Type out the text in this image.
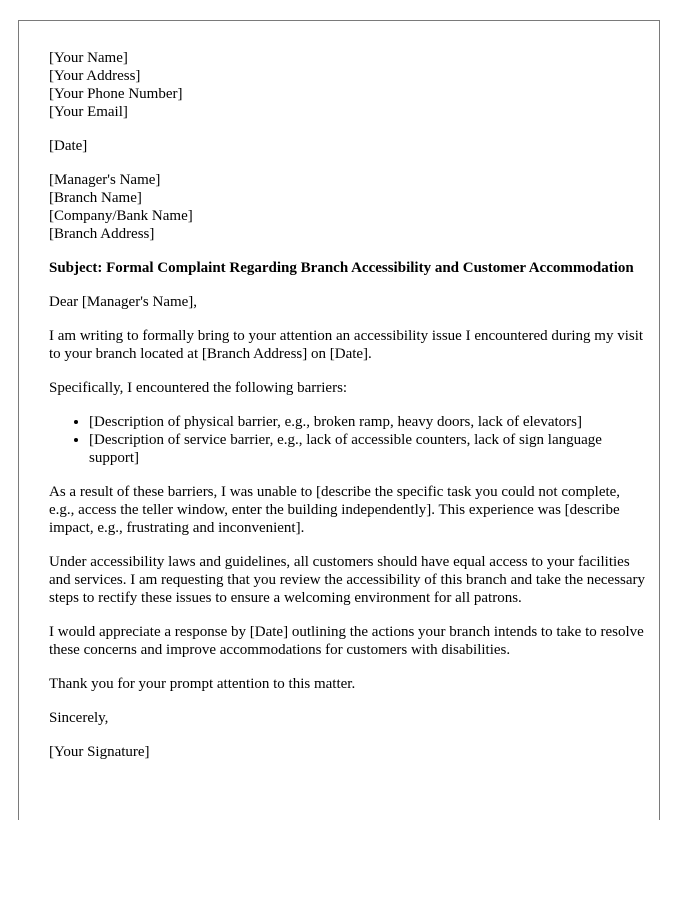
[Your Name]
[Your Address]
[Your Phone Number]
[Your Email]
[Date]
[Manager's Name]
[Branch Name]
[Company/Bank Name]
[Branch Address]
Subject: Formal Complaint Regarding Branch Accessibility and Customer Accommodation

Dear [Manager's Name],

I am writing to formally bring to your attention an accessibility issue I encountered during my visit to your branch located at [Branch Address] on [Date].

Specifically, I encountered the following barriers:

• [Description of physical barrier, e.g., broken ramp, heavy doors, lack of elevators]
• [Description of service barrier, e.g., lack of accessible counters, lack of sign language support]

As a result of these barriers, I was unable to [describe the specific task you could not complete, e.g., access the teller window, enter the building independently]. This experience was [describe impact, e.g., frustrating and inconvenient].

Under accessibility laws and guidelines, all customers should have equal access to your facilities and services. I am requesting that you review the accessibility of this branch and take the necessary steps to rectify these issues to ensure a welcoming environment for all patrons.

I would appreciate a response by [Date] outlining the actions your branch intends to take to resolve these concerns and improve accommodations for customers with disabilities.

Thank you for your prompt attention to this matter.

Sincerely,

[Your Signature]
